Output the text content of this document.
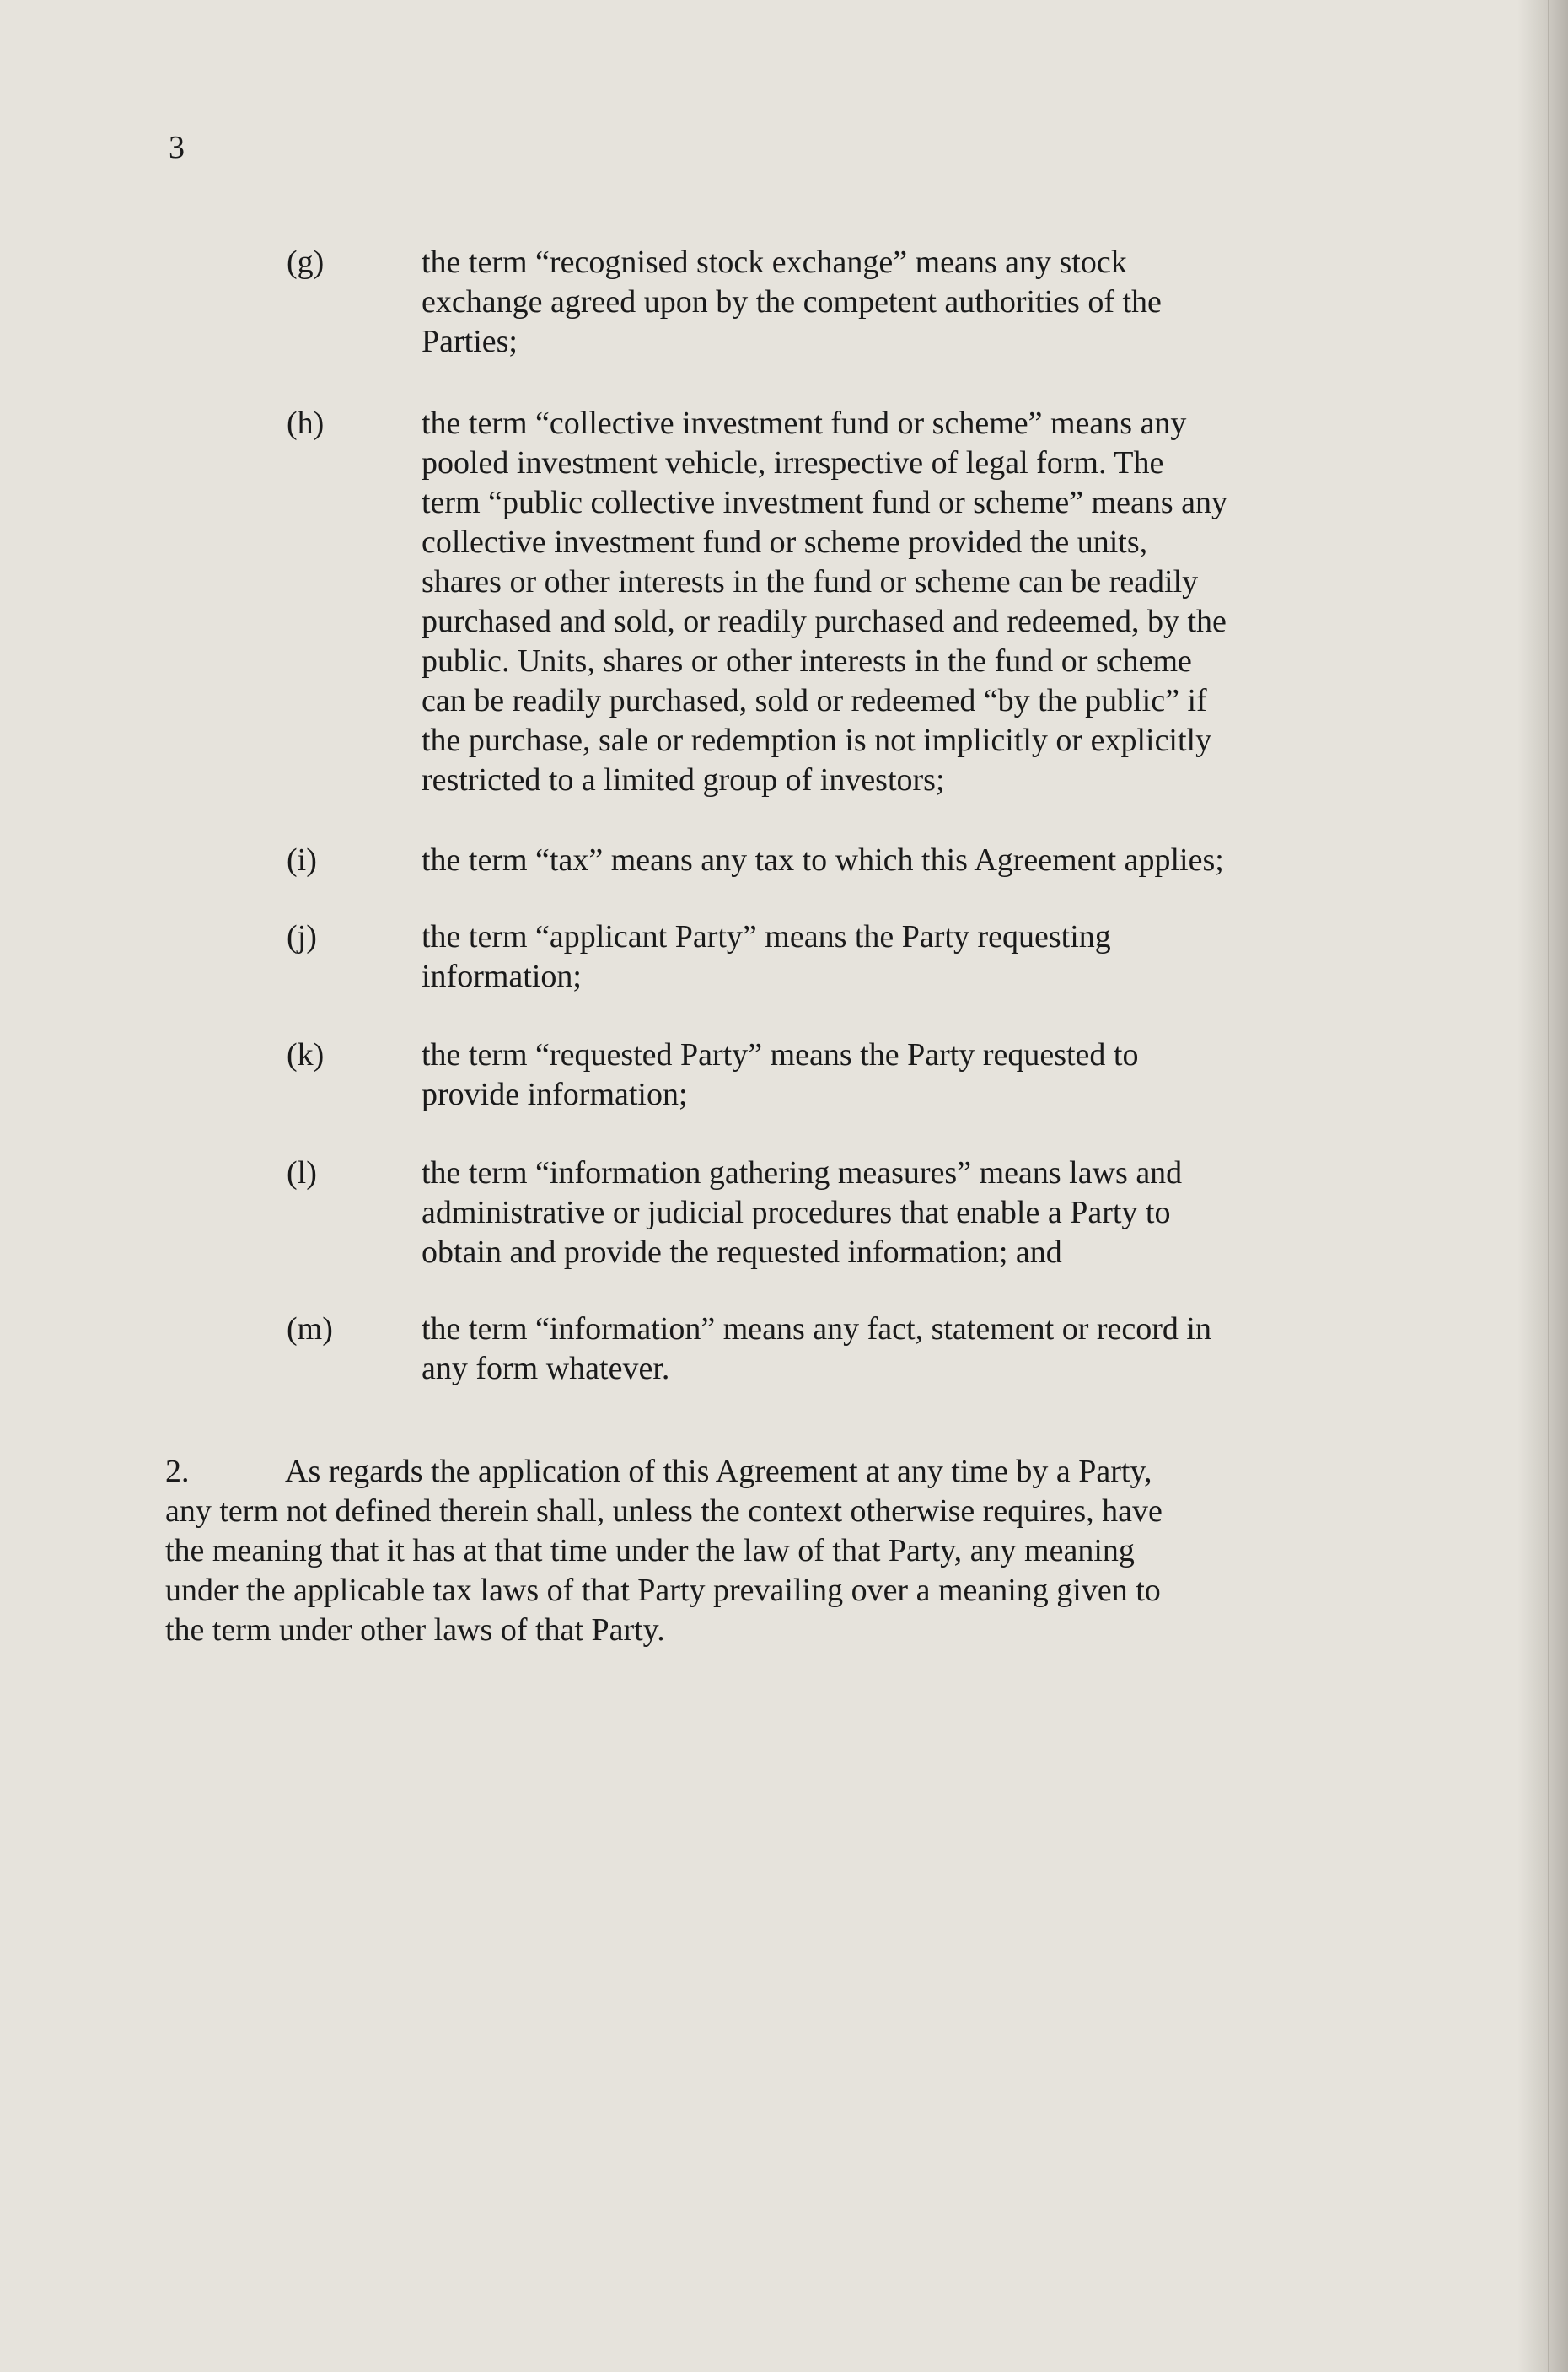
3
(g)	the term “recognised stock exchange” means any stock
exchange agreed upon by the competent authorities of the
Parties;
(h)	the term “collective investment fund or scheme” means any
pooled investment vehicle, irrespective of legal form. The
term “public collective investment fund or scheme” means any
collective investment fund or scheme provided the units,
shares or other interests in the fund or scheme can be readily
purchased and sold, or readily purchased and redeemed, by the
public. Units, shares or other interests in the fund or scheme
can be readily purchased, sold or redeemed “by the public” if
the purchase, sale or redemption is not implicitly or explicitly
restricted to a limited group of investors;
(i)	the term “tax” means any tax to which this Agreement applies;
(j)	the term “applicant Party” means the Party requesting
information;
(k)	the term “requested Party” means the Party requested to
provide information;
(l)	the term “information gathering measures” means laws and
administrative or judicial procedures that enable a Party to
obtain and provide the requested information; and
(m)	the term “information” means any fact, statement or record in
any form whatever.
2.	As regards the application of this Agreement at any time by a Party,
any term not defined therein shall, unless the context otherwise requires, have
the meaning that it has at that time under the law of that Party, any meaning
under the applicable tax laws of that Party prevailing over a meaning given to
the term under other laws of that Party.
